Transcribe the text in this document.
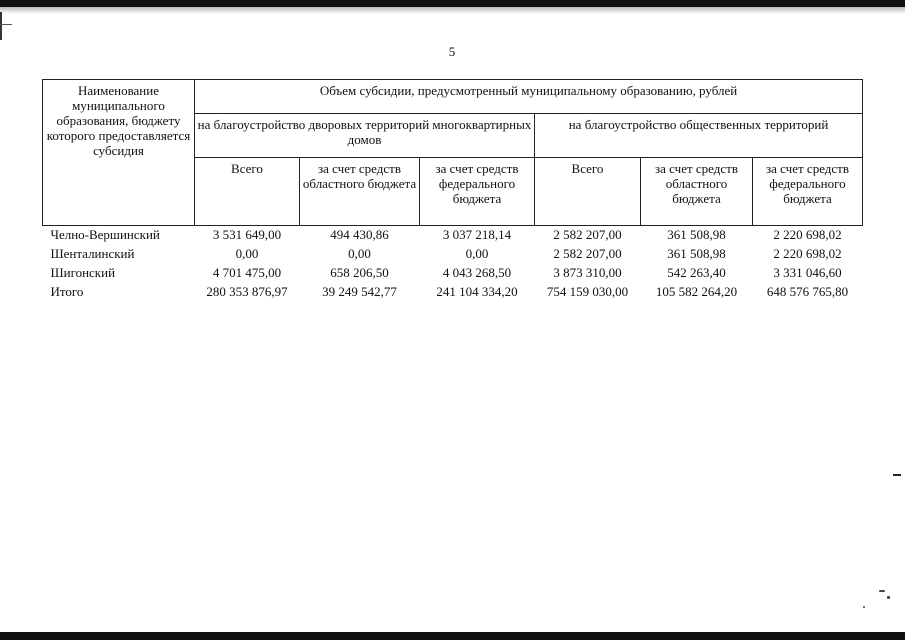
5
Наименование муниципального образования, бюджету которого предоставляется субсидия	Объем субсидии, предусмотренный муниципальному образованию, рублей					
	на благоустройство дворовых территорий многоквартирных домов			на благоустройство общественных территорий		
	Всего	за счет средств областного бюджета	за счет средств федерального бюджета	Всего	за счет средств областного бюджета	за счет средств федерального бюджета
Челно-Вершинский	3 531 649,00	494 430,86	3 037 218,14	2 582 207,00	361 508,98	2 220 698,02
Шенталинский	0,00	0,00	0,00	2 582 207,00	361 508,98	2 220 698,02
Шигонский	4 701 475,00	658 206,50	4 043 268,50	3 873 310,00	542 263,40	3 331 046,60
Итого	280 353 876,97	39 249 542,77	241 104 334,20	754 159 030,00	105 582 264,20	648 576 765,80
